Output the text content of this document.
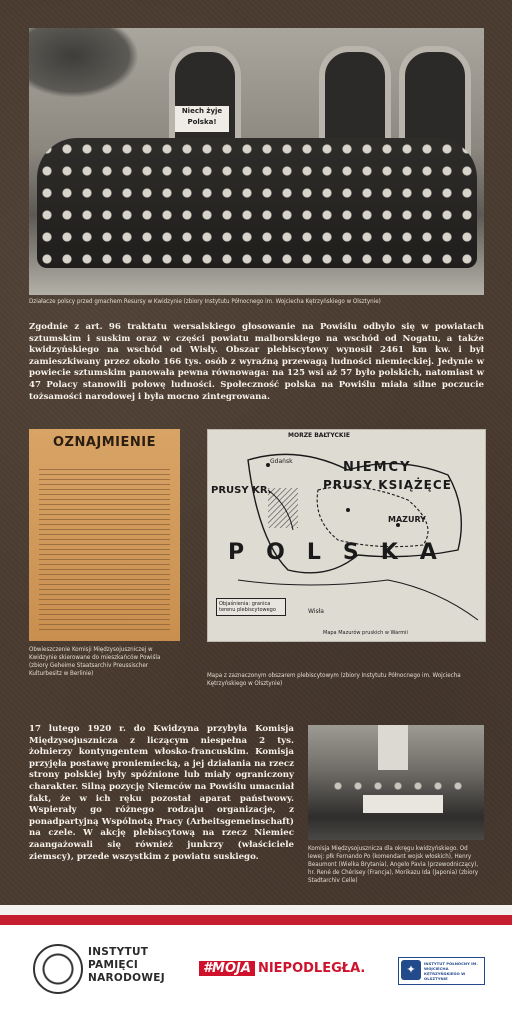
Niech żyje Polska!
Działacze polscy przed gmachem Resursy w Kwidzynie (zbiory Instytutu Północnego im. Wojciecha Kętrzyńskiego w Olsztynie)

Zgodnie z art. 96 traktatu wersalskiego głosowanie na Powiślu odbyło się w powiatach sztumskim i suskim oraz w części powiatu malborskiego na wschód od Nogatu, a także kwidzyńskiego na wschód od Wisły. Obszar plebiscytowy wynosił 2461 km kw. i był zamieszkiwany przez około 166 tys. osób z wyraźną przewagą ludności niemieckiej. Jedynie w powiecie sztumskim panowała pewna równowaga: na 125 wsi aż 57 było polskich, natomiast w 47 Polacy stanowili połowę ludności. Społeczność polska na Powiślu miała silne poczucie tożsamości narodowej i była mocno zintegrowana.

OZNAJMIENIE
Obwieszczenie Komisji Międzysojuszniczej w Kwidzynie skierowane do mieszkańców Powiśla (zbiory Geheime Staatsarchiv Preussischer Kulturbesitz w Berlinie)
MORZE BAŁTYCKIE
NIEMCY
PRUSY KSIĄŻĘCE
PRUSY KR.
POLSKA
MAZURY
Gdańsk
Wisła
Objaśnienia: granica terenu plebiscytowego
Mapa Mazurów pruskich w Warmii
Mapa z zaznaczonym obszarem plebiscytowym (zbiory Instytutu Północnego im. Wojciecha Kętrzyńskiego w Olsztynie)

17 lutego 1920 r. do Kwidzyna przybyła Komisja Międzysojusznicza z liczącym niespełna 2 tys. żołnierzy kontyngentem włosko-francuskim. Komisja przyjęła postawę proniemiecką, a jej działania na rzecz strony polskiej były spóźnione lub miały ograniczony charakter. Silną pozycję Niemców na Powiślu umacniał fakt, że w ich ręku pozostał aparat państwowy. Wspierały go różnego rodzaju organizacje, z ponadpartyjną Wspólnotą Pracy (Arbeitsgemeinschaft) na czele. W akcję plebiscytową na rzecz Niemiec zaangażowali się również junkrzy (właściciele ziemscy), przede wszystkim z powiatu suskiego.

Komisja Międzysojusznicza dla okręgu kwidzyńskiego. Od lewej: płk Fernando Po (komendant wojsk włoskich), Henry Beaumont (Wielka Brytania), Angelo Pavia (przewodniczący), hr. René de Chérisey (Francja), Morikazu Ida (Japonia) (zbiory Stadtarchiv Celle)
INSTYTUT
PAMIĘCI
NARODOWEJ
#MOJA NIEPODLEGŁA.	✦	INSTYTUT PÓŁNOCNY IM. WOJCIECHA KĘTRZYŃSKIEGO W OLSZTYNIE
